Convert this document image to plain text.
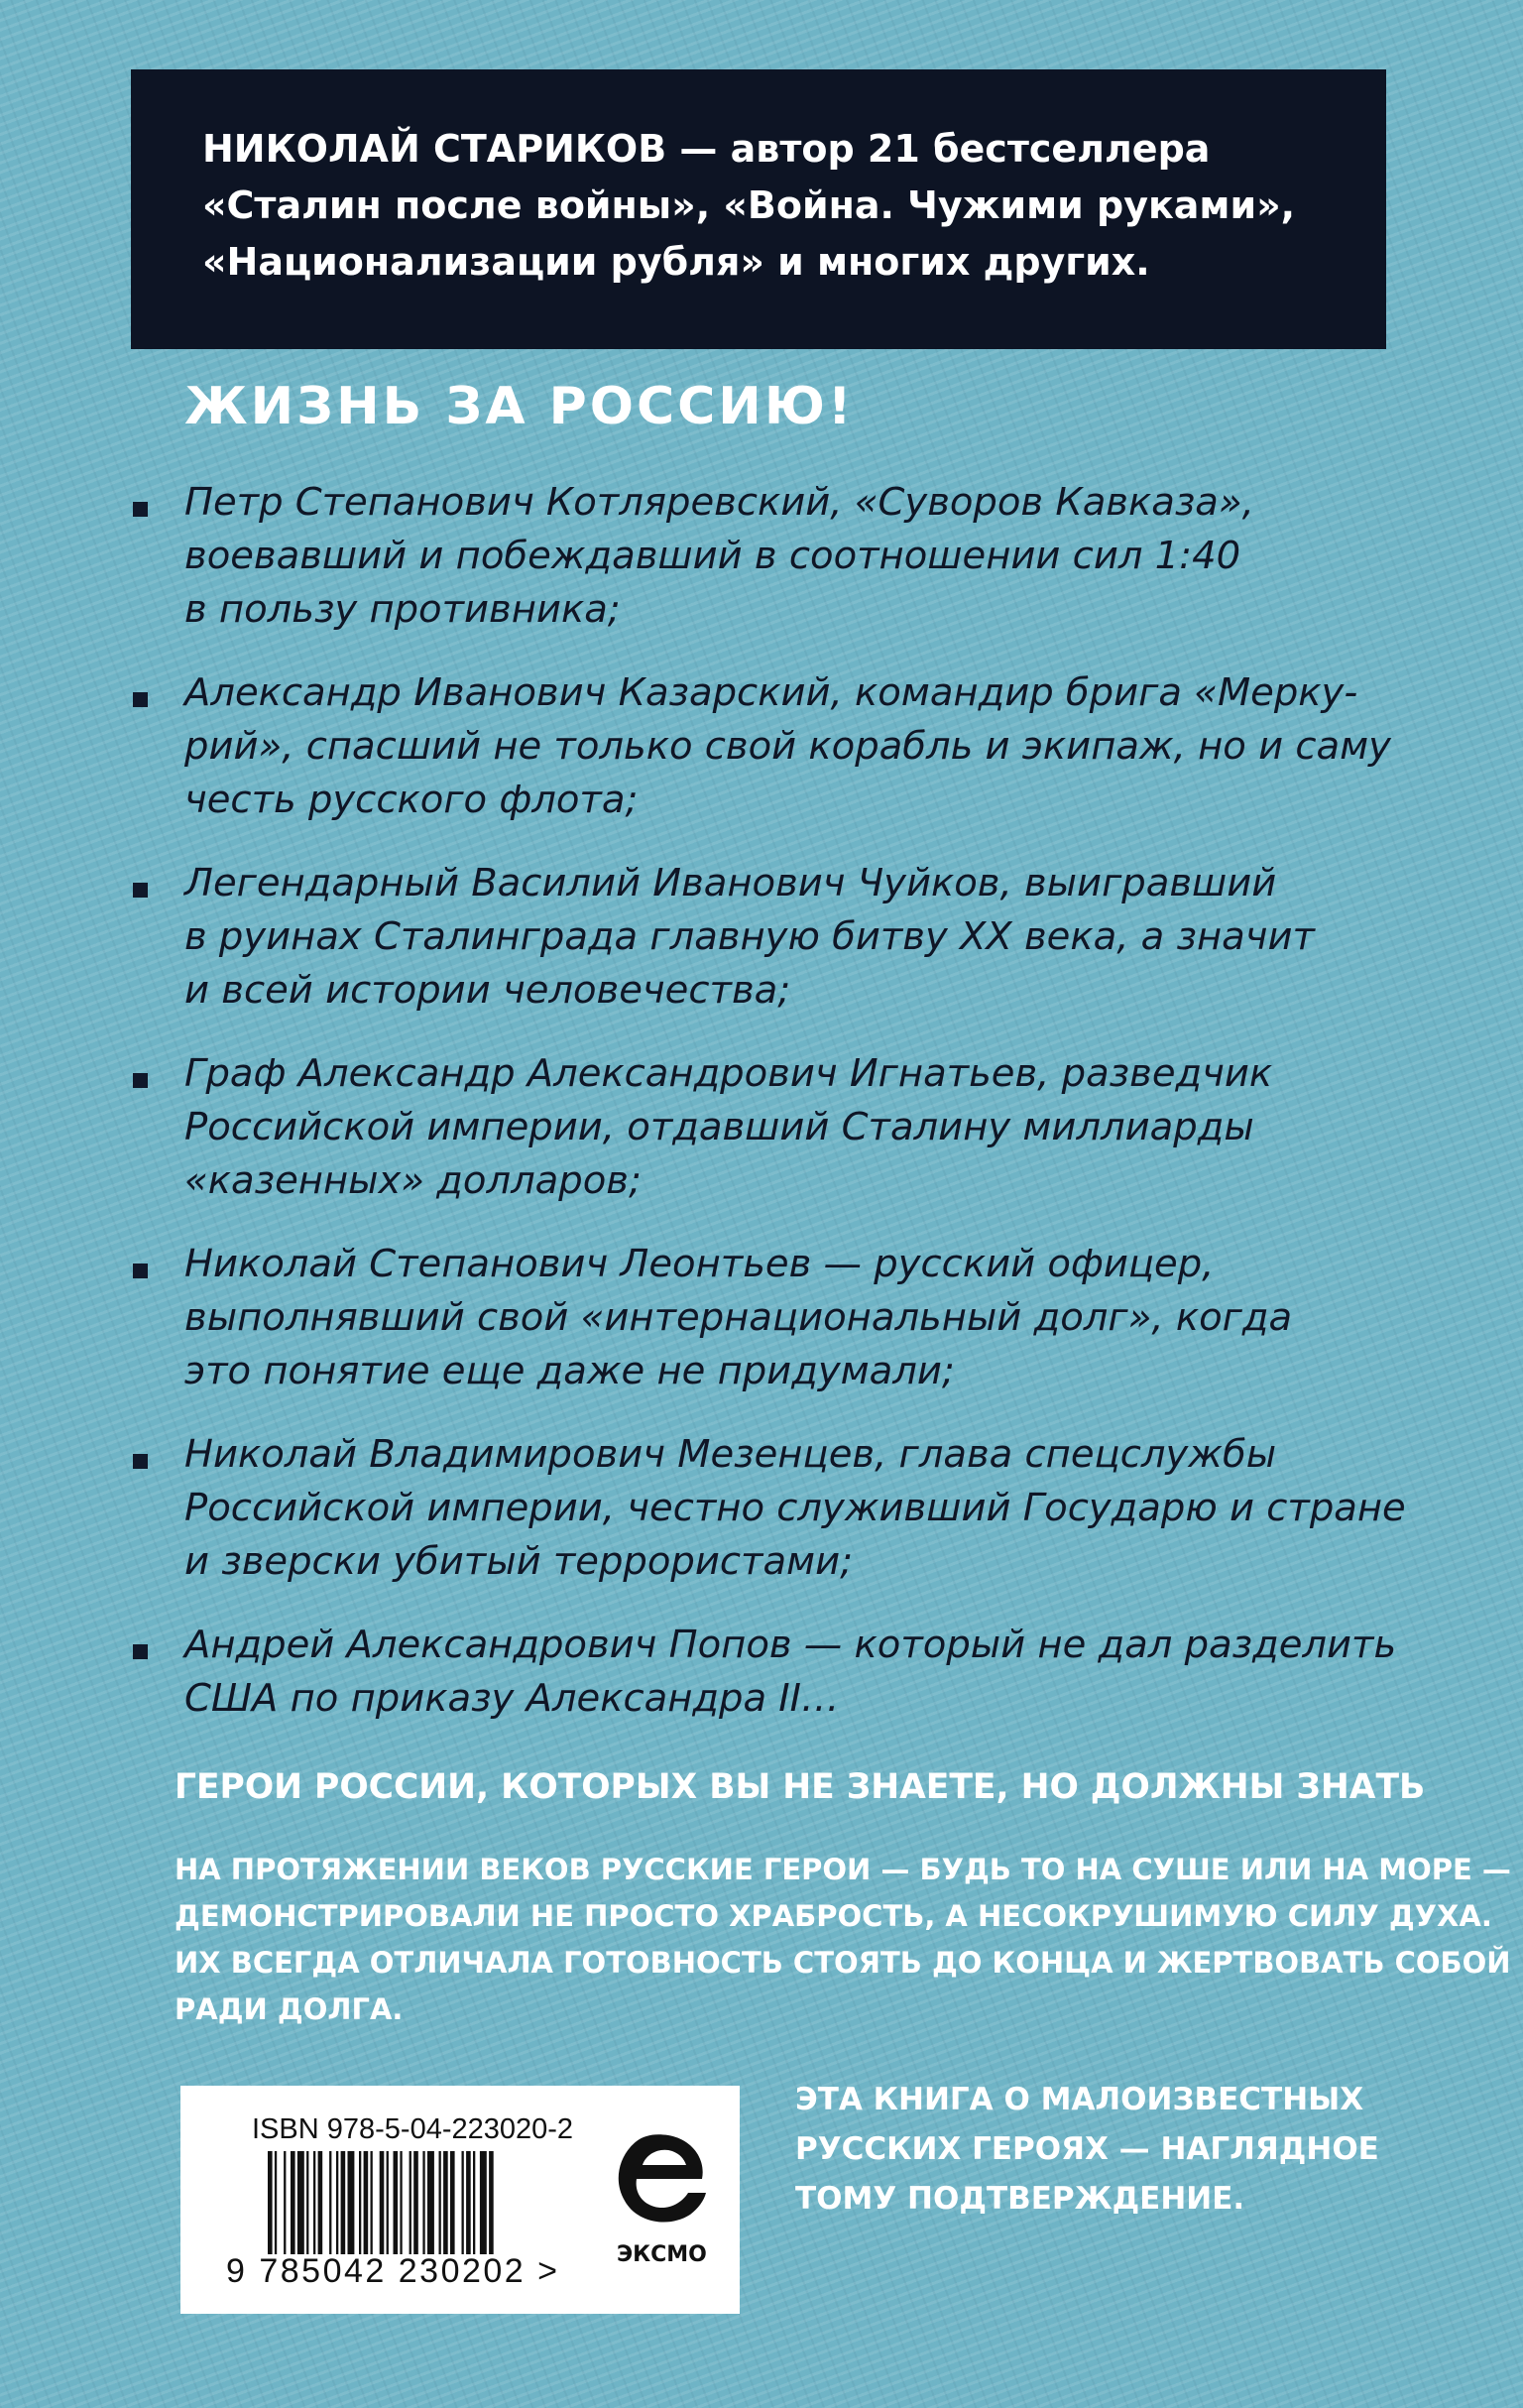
НИКОЛАЙ СТАРИКОВ — автор 21 бестселлера

«Сталин после войны», «Война. Чужими руками»,

«Национализации рубля» и многих других.

ЖИЗНЬ ЗА РОССИЮ!

Петр Степанович Котляревский, «Суворов Кавказа»,

воевавший и побеждавший в соотношении сил 1:40

в пользу противника;

Александр Иванович Казарский, командир брига «Мерку-

рий», спасший не только свой корабль и экипаж, но и саму

честь русского флота;

Легендарный Василий Иванович Чуйков, выигравший

в руинах Сталинграда главную битву XX века, а значит

и всей истории человечества;

Граф Александр Александрович Игнатьев, разведчик

Российской империи, отдавший Сталину миллиарды

«казенных» долларов;

Николай Степанович Леонтьев — русский офицер,

выполнявший свой «интернациональный долг», когда

это понятие еще даже не придумали;

Николай Владимирович Мезенцев, глава спецслужбы

Российской империи, честно служивший Государю и стране

и зверски убитый террористами;

Андрей Александрович Попов — который не дал разделить

США по приказу Александра II…

ГЕРОИ РОССИИ, КОТОРЫХ ВЫ НЕ ЗНАЕТЕ, НО ДОЛЖНЫ ЗНАТЬ

НА ПРОТЯЖЕНИИ ВЕКОВ РУССКИЕ ГЕРОИ — БУДЬ ТО НА СУШЕ ИЛИ НА МОРЕ —

ДЕМОНСТРИРОВАЛИ НЕ ПРОСТО ХРАБРОСТЬ, А НЕСОКРУШИМУЮ СИЛУ ДУХА.

ИХ ВСЕГДА ОТЛИЧАЛА ГОТОВНОСТЬ СТОЯТЬ ДО КОНЦА И ЖЕРТВОВАТЬ СОБОЙ

РАДИ ДОЛГА.

ISBN 978-5-04-223020-2
9 785042 230202 >	ЭКСМО

ЭТА КНИГА О МАЛОИЗВЕСТНЫХ

РУССКИХ ГЕРОЯХ — НАГЛЯДНОЕ

ТОМУ ПОДТВЕРЖДЕНИЕ.
